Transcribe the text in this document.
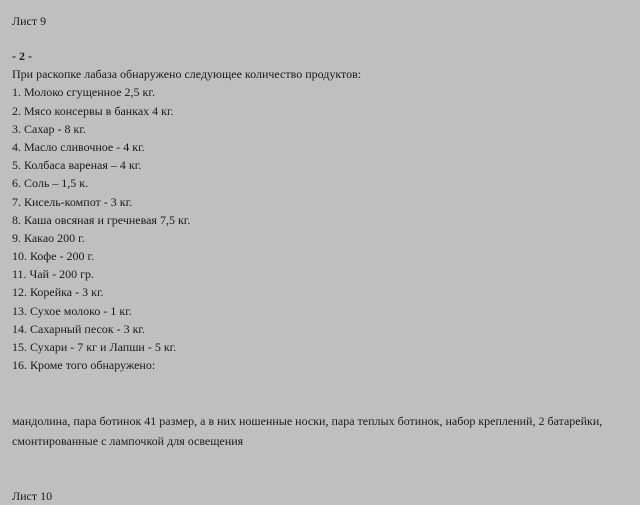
Лист 9
- 2 -
При раскопке лабаза обнаружено следующее количество продуктов:
1. Молоко сгущенное 2,5 кг.
2. Мясо консервы в банках 4 кг.
3. Сахар - 8 кг.
4. Масло сливочное - 4 кг.
5. Колбаса вареная – 4 кг.
6. Соль – 1,5 к.
7. Кисель-компот - 3 кг.
8. Каша овсяная и гречневая 7,5 кг.
9. Какао 200 г.
10. Кофе - 200 г.
11. Чай - 200 гр.
12. Корейка - 3 кг.
13. Сухое молоко - 1 кг.
14. Сахарный песок - 3 кг.
15. Сухари - 7 кг и Лапши - 5 кг.
16. Кроме того обнаружено:
мандолина, пара ботинок 41 размер, а в них ношенные носки, пара теплых ботинок, набор креплений, 2 батарейки, смонтированные с лампочкой для освещения
Лист 10
